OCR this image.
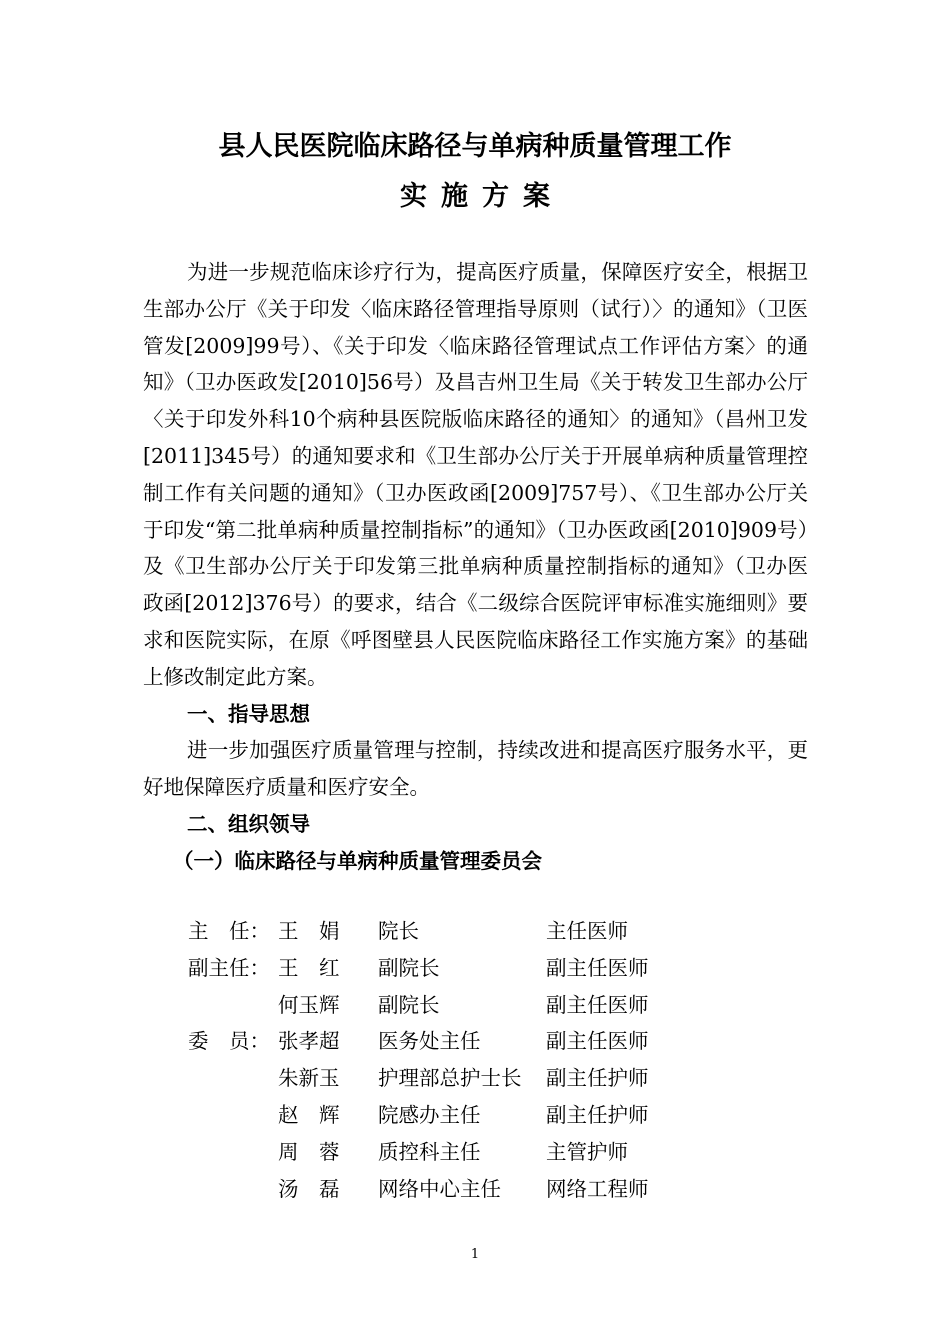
县人民医院临床路径与单病种质量管理工作
实施方案

为进一步规范临床诊疗行为，提高医疗质量，保障医疗安全，根据卫生部办公厅《关于印发〈临床路径管理指导原则（试行）〉的通知》（卫医管发[2009]99号）、《关于印发〈临床路径管理试点工作评估方案〉的通知》（卫办医政发[2010]56号）及昌吉州卫生局《关于转发卫生部办公厅〈关于印发外科10个病种县医院版临床路径的通知〉的通知》（昌州卫发[2011]345号）的通知要求和《卫生部办公厅关于开展单病种质量管理控制工作有关问题的通知》（卫办医政函[2009]757号）、《卫生部办公厅关于印发“第二批单病种质量控制指标”的通知》（卫办医政函[2010]909号）及《卫生部办公厅关于印发第三批单病种质量控制指标的通知》（卫办医政函[2012]376号）的要求，结合《二级综合医院评审标准实施细则》要求和医院实际，在原《呼图壁县人民医院临床路径工作实施方案》的基础上修改制定此方案。

一、指导思想

进一步加强医疗质量管理与控制，持续改进和提高医疗服务水平，更好地保障医疗质量和医疗安全。

二、组织领导

（一）临床路径与单病种质量管理委员会

主　任： 王　娟 院长	主任医师
副主任： 王　红 副院长	副主任医师
何玉辉 副院长	副主任医师
委　员： 张孝超 医务处主任	副主任医师
朱新玉 护理部总护士长 副主任护师
赵　辉 院感办主任	副主任护师
周　蓉 质控科主任	主管护师
汤　磊 网络中心主任 网络工程师
1
